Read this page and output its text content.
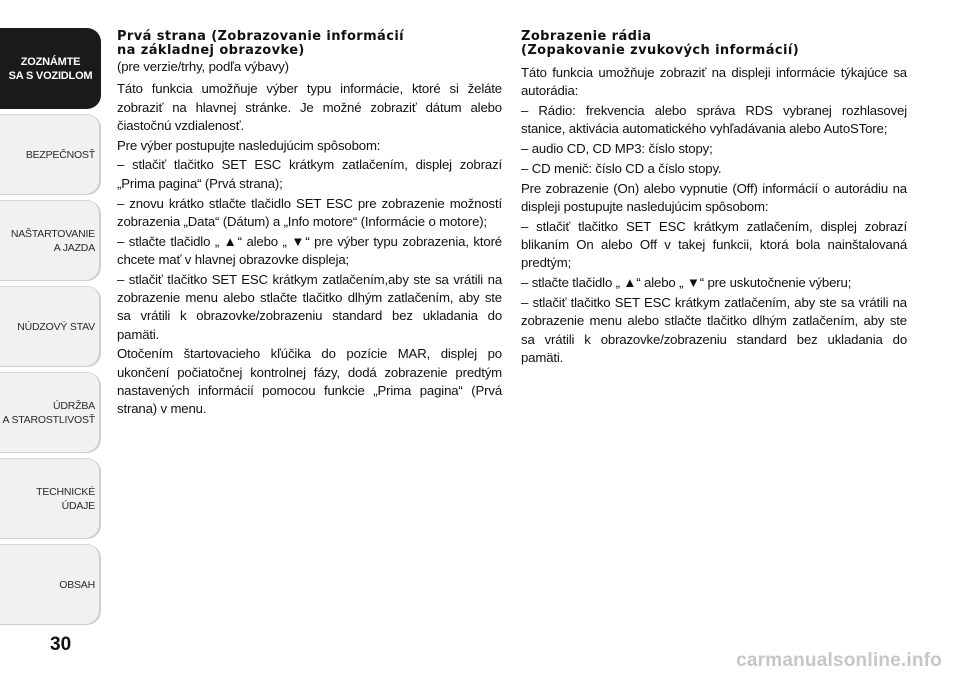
ZOZNÁMTE
SA S VOZIDLOM
BEZPEČNOSŤ
NAŠTARTOVANIE
A JAZDA
NÚDZOVÝ STAV
ÚDRŽBA
A STAROSTLIVOSŤ
TECHNICKÉ
ÚDAJE
OBSAH
30
Prvá strana (Zobrazovanie informácií
na základnej obrazovke)

(pre verzie/trhy, podľa výbavy)

Táto funkcia umožňuje výber typu informácie, ktoré si želáte zobraziť na hlavnej stránke. Je možné zobraziť dátum alebo čiastočnú vzdialenosť.

Pre výber postupujte nasledujúcim spôsobom:

– stlačiť tlačitko SET ESC krátkym zatlačením, displej zobrazí „Prima pagina“ (Prvá strana);

– znovu krátko stlačte tlačidlo SET ESC pre zobrazenie možností zobrazenia „Data“ (Dátum) a „Info motore“ (Informácie o motore);

– stlačte tlačidlo „ ▲“ alebo „ ▼“ pre výber typu zobrazenia, ktoré chcete mať v hlavnej obrazovke displeja;

– stlačiť tlačitko SET ESC krátkym zatlačením,aby ste sa vrátili na zobrazenie menu alebo stlačte tlačitko dlhým zatlačením, aby ste sa vrátili k obrazovke/zobrazeniu standard bez ukladania do pamäti.

Otočením štartovacieho kľúčika do pozície MAR, displej po ukončení počiatočnej kontrolnej fázy, dodá zobrazenie predtým nastavených informácií pomocou funkcie „Prima pagina“ (Prvá strana) v menu.

Zobrazenie rádia
(Zopakovanie zvukových informácií)

Táto funkcia umožňuje zobraziť na displeji informácie týkajúce sa autorádia:

– Rádio: frekvencia alebo správa RDS vybranej rozhlasovej stanice, aktivácia automatického vyhľadávania alebo AutoSTore;

– audio CD, CD MP3: číslo stopy;

– CD menič: číslo CD a číslo stopy.

Pre zobrazenie (On) alebo vypnutie (Off) informácií o autorádiu na displeji postupujte nasledujúcim spôsobom:

– stlačiť tlačitko SET ESC krátkym zatlačením, displej zobrazí blikaním On alebo Off v takej funkcii, ktorá bola nainštalovaná predtým;

– stlačte tlačidlo „ ▲“ alebo „ ▼“ pre uskutočnenie výberu;

– stlačiť tlačitko SET ESC krátkym zatlačením, aby ste sa vrátili na zobrazenie menu alebo stlačte tlačitko dlhým zatlačením, aby ste sa vrátili k obrazovke/zobrazeniu standard bez ukladania do pamäti.

carmanualsonline.info
